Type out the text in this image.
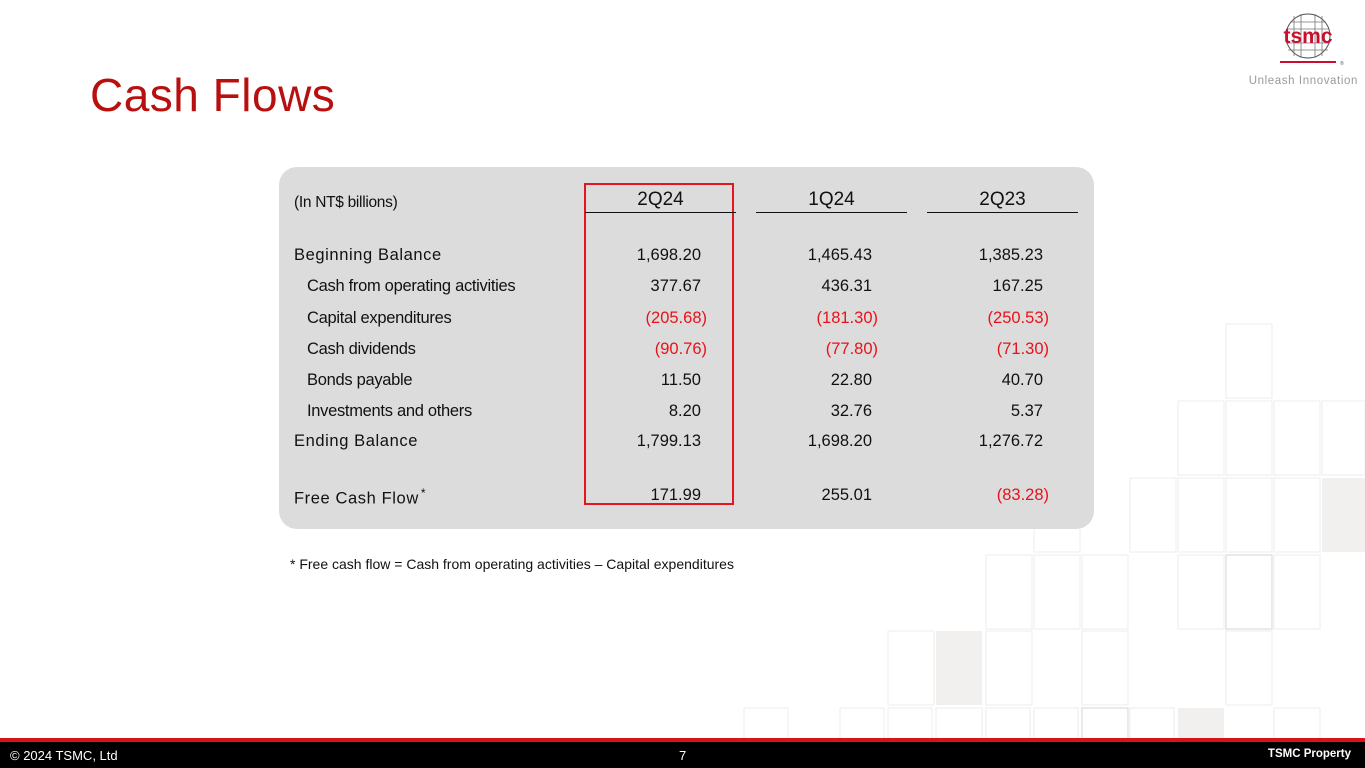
Cash Flows
tsmc
®
Unleash Innovation
(In NT$ billions)	2Q24	1Q24	2Q23
Beginning Balance	1,698.20	1,465.43	1,385.23
Cash from operating activities	377.67	436.31	167.25
Capital expenditures	(205.68)	(181.30)	(250.53)
Cash dividends	(90.76)	(77.80)	(71.30)
Bonds payable	11.50	22.80	40.70
Investments and others	8.20	32.76	5.37
Ending Balance	1,799.13	1,698.20	1,276.72
Free Cash Flow *	171.99	255.01	(83.28)
* Free cash flow = Cash from operating activities – Capital expenditures
© 2024 TSMC, Ltd	7	TSMC Property
